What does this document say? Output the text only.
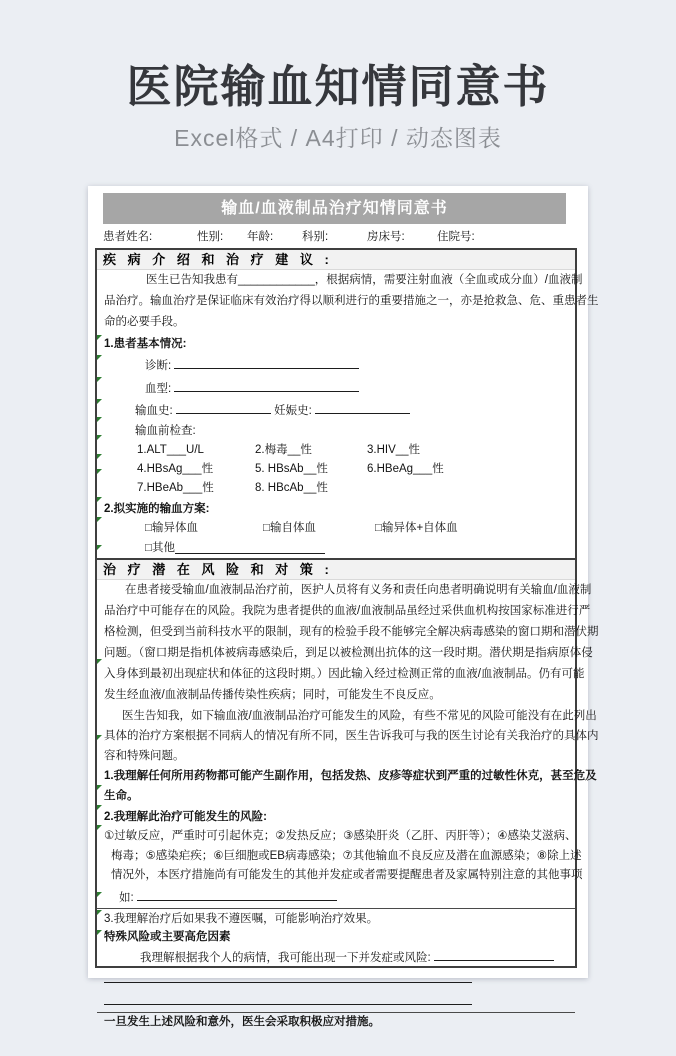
医院输血知情同意书
Excel格式 / A4打印 / 动态图表
输血/血液制品治疗知情同意书
患者姓名:	性别:	年龄:	科别:	房床号:	住院号:
疾 病 介 绍 和 治 疗 建 议 :
医生已告知我患有____________，根据病情，需要注射血液（全血或成分血）/血液制
品治疗。输血治疗是保证临床有效治疗得以顺利进行的重要措施之一，亦是抢救急、危、重患者生
命的必要手段。
1.患者基本情况:
诊断:
血型:
输血史:	妊娠史:
输血前检查:
1.ALT___U/L	2.梅毒__性	3.HIV__性
4.HBsAg___性	5. HBsAb__性	6.HBeAg___性
7.HBeAb___性	8. HBcAb__性
2.拟实施的输血方案:
□输异体血	□输自体血	□输异体+自体血
□其他
治 疗 潜 在 风 险 和 对 策 :
在患者接受输血/血液制品治疗前，医护人员将有义务和责任向患者明确说明有关输血/血液制
品治疗中可能存在的风险。我院为患者提供的血液/血液制品虽经过采供血机构按国家标准进行严
格检测，但受到当前科技水平的限制，现有的检验手段不能够完全解决病毒感染的窗口期和潜伏期
问题。（窗口期是指机体被病毒感染后，到足以被检测出抗体的这一段时期。潜伏期是指病原体侵
入身体到最初出现症状和体征的这段时期。）因此输入经过检测正常的血液/血液制品。仍有可能
发生经血液/血液制品传播传染性疾病；同时，可能发生不良反应。
医生告知我，如下输血液/血液制品治疗可能发生的风险，有些不常见的风险可能没有在此列出
具体的治疗方案根据不同病人的情况有所不同，医生告诉我可与我的医生讨论有关我治疗的具体内
容和特殊问题。
1.我理解任何所用药物都可能产生副作用，包括发热、皮疹等症状到严重的过敏性休克，甚至危及
生命。
2.我理解此治疗可能发生的风险:
①过敏反应，严重时可引起休克；②发热反应；③感染肝炎（乙肝、丙肝等）；④感染艾滋病、
梅毒；⑤感染疟疾；⑥巨细胞或EB病毒感染；⑦其他输血不良反应及潜在血源感染；⑧除上述
情况外，本医疗措施尚有可能发生的其他并发症或者需要提醒患者及家属特别注意的其他事项
如:
3.我理解治疗后如果我不遵医嘱，可能影响治疗效果。
特殊风险或主要高危因素
我理解根据我个人的病情，我可能出现一下并发症或风险:
一旦发生上述风险和意外，医生会采取积极应对措施。
